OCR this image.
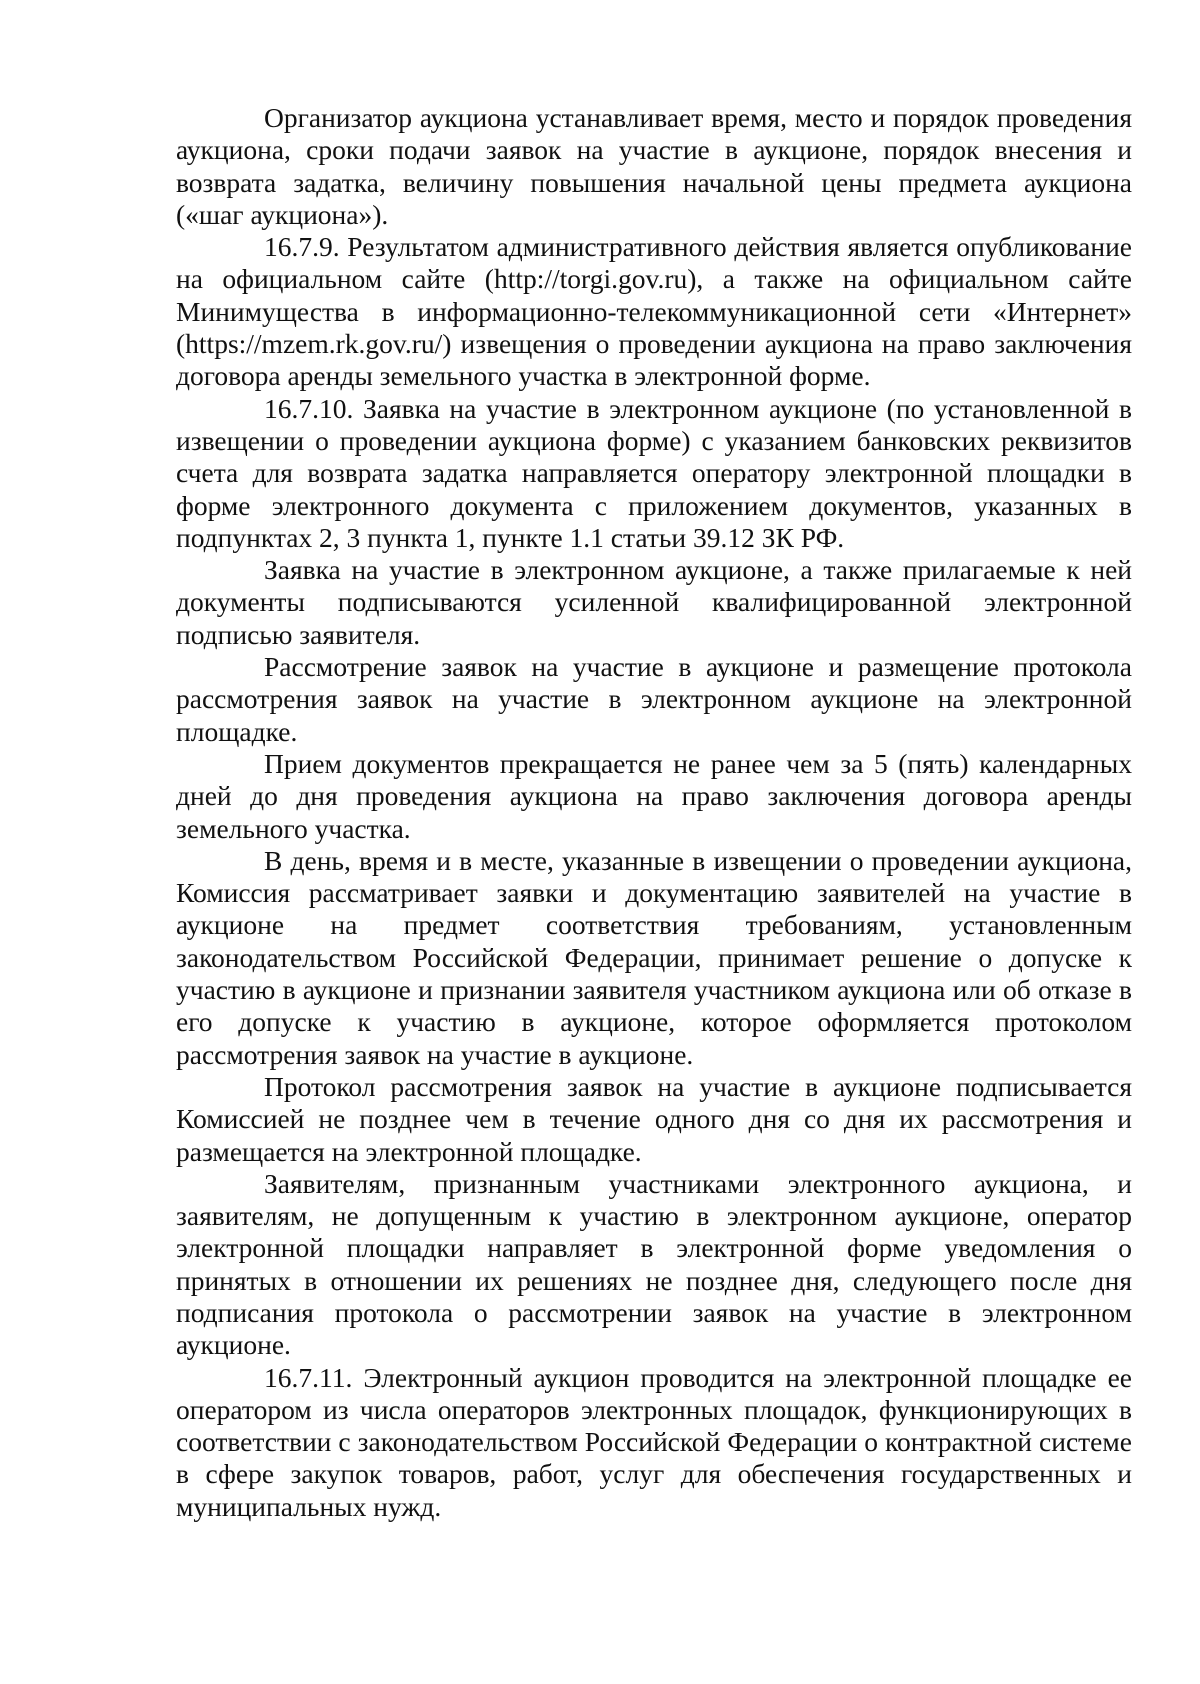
Организатор аукциона устанавливает время, место и порядок проведения аукциона, сроки подачи заявок на участие в аукционе, порядок внесения и возврата задатка, величину повышения начальной цены предмета аукциона («шаг аукциона»).

16.7.9. Результатом административного действия является опубликование на официальном сайте (http://torgi.gov.ru), а также на официальном сайте Минимущества в информационно-телекоммуникационной сети «Интернет» (https://mzem.rk.gov.ru/) извещения о проведении аукциона на право заключения договора аренды земельного участка в электронной форме.

16.7.10. Заявка на участие в электронном аукционе (по установленной в извещении о проведении аукциона форме) с указанием банковских реквизитов счета для возврата задатка направляется оператору электронной площадки в форме электронного документа с приложением документов, указанных в подпунктах 2, 3 пункта 1, пункте 1.1 статьи 39.12 ЗК РФ.

Заявка на участие в электронном аукционе, а также прилагаемые к ней документы подписываются усиленной квалифицированной электронной подписью заявителя.

Рассмотрение заявок на участие в аукционе и размещение протокола рассмотрения заявок на участие в электронном аукционе на электронной площадке.

Прием документов прекращается не ранее чем за 5 (пять) календарных дней до дня проведения аукциона на право заключения договора аренды земельного участка.

В день, время и в месте, указанные в извещении о проведении аукциона, Комиссия рассматривает заявки и документацию заявителей на участие в аукционе на предмет соответствия требованиям, установленным законодательством Российской Федерации, принимает решение о допуске к участию в аукционе и признании заявителя участником аукциона или об отказе в его допуске к участию в аукционе, которое оформляется протоколом рассмотрения заявок на участие в аукционе.

Протокол рассмотрения заявок на участие в аукционе подписывается Комиссией не позднее чем в течение одного дня со дня их рассмотрения и размещается на электронной площадке.

Заявителям, признанным участниками электронного аукциона, и заявителям, не допущенным к участию в электронном аукционе, оператор электронной площадки направляет в электронной форме уведомления о принятых в отношении их решениях не позднее дня, следующего после дня подписания протокола о рассмотрении заявок на участие в электронном аукционе.

16.7.11. Электронный аукцион проводится на электронной площадке ее оператором из числа операторов электронных площадок, функционирующих в соответствии с законодательством Российской Федерации о контрактной системе в сфере закупок товаров, работ, услуг для обеспечения государственных и муниципальных нужд.
